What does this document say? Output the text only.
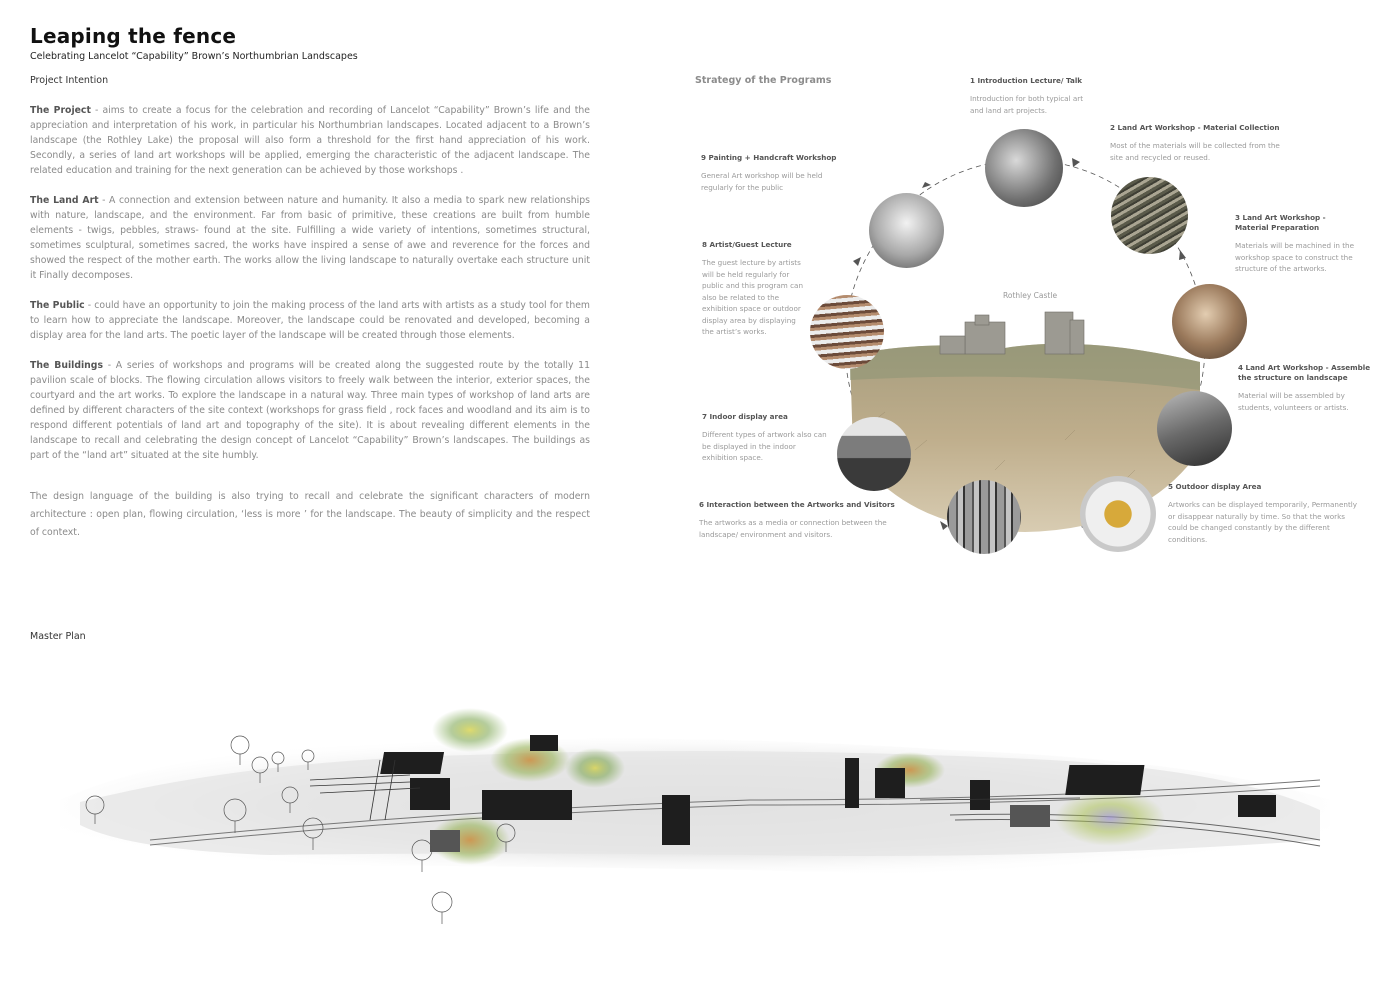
Leaping the fence
Celebrating Lancelot “Capability” Brown’s Northumbrian Landscapes
Project Intention
The Project - aims to create a focus for the celebration and recording of Lancelot “Capability” Brown’s life and the appreciation and interpretation of his work, in particular his Northumbrian landscapes. Located adjacent to a Brown’s landscape (the Rothley Lake) the proposal will also form a threshold for the first hand appreciation of his work. Secondly, a series of land art workshops will be applied, emerging the characteristic of the adjacent landscape. The related education and training for the next generation can be achieved by those workshops .
The Land Art - A connection and extension between nature and humanity. It also a media to spark new relationships with nature, landscape, and the environment. Far from basic of primitive, these creations are built from humble elements - twigs, pebbles, straws- found at the site. Fulfilling a wide variety of intentions, sometimes structural, sometimes sculptural, sometimes sacred, the works have inspired a sense of awe and reverence for the forces and showed the respect of the mother earth. The works allow the living landscape to naturally overtake each structure unit it Finally decomposes.
The Public - could have an opportunity to join the making process of the land arts with artists as a study tool for them to learn how to appreciate the landscape. Moreover, the landscape could be renovated and developed, becoming a display area for the land arts. The poetic layer of the landscape will be created through those elements.
The Buildings - A series of workshops and programs will be created along the suggested route by the totally 11 pavilion scale of blocks. The flowing circulation allows visitors to freely walk between the interior, exterior spaces, the courtyard and the art works. To explore the landscape in a natural way. Three main types of workshop of land arts are defined by different characters of the site context (workshops for grass field , rock faces and woodland and its aim is to respond different potentials of land art and topography of the site). It is about revealing different elements in the landscape to recall and celebrating the design concept of Lancelot “Capability” Brown’s landscapes. The buildings as part of the “land art” situated at the site humbly.
The design language of the building is also trying to recall and celebrate the significant characters of modern architecture : open plan, flowing circulation, ‘less is more ’ for the landscape. The beauty of simplicity and the respect of context.
Strategy of the Programs
Rothley Castle
1 Introduction Lecture/ Talk
Introduction for both typical art and land art projects.
2 Land Art Workshop - Material Collection
Most of the materials will be collected from the site and recycled or reused.
3 Land Art Workshop - Material Preparation
Materials will be machined in the workshop space to construct the structure of the artworks.
4 Land Art Workshop - Assemble the structure on landscape
Material will be assembled by students, volunteers or artists.
5 Outdoor display Area
Artworks can be displayed temporarily, Permanently or disappear naturally by time. So that the works could be changed constantly by the different conditions.
6 Interaction between the Artworks and Visitors
The artworks as a media or connection between the landscape/ environment and visitors.
7 Indoor display area
Different types of artwork also can be displayed in the indoor exhibition space.
8 Artist/Guest Lecture
The guest lecture by artists will be held regularly for public and this program can also be related to the exhibition space or outdoor display area by displaying the artist’s works.
9 Painting + Handcraft Workshop
General Art workshop will be held regularly for the public
Master Plan
